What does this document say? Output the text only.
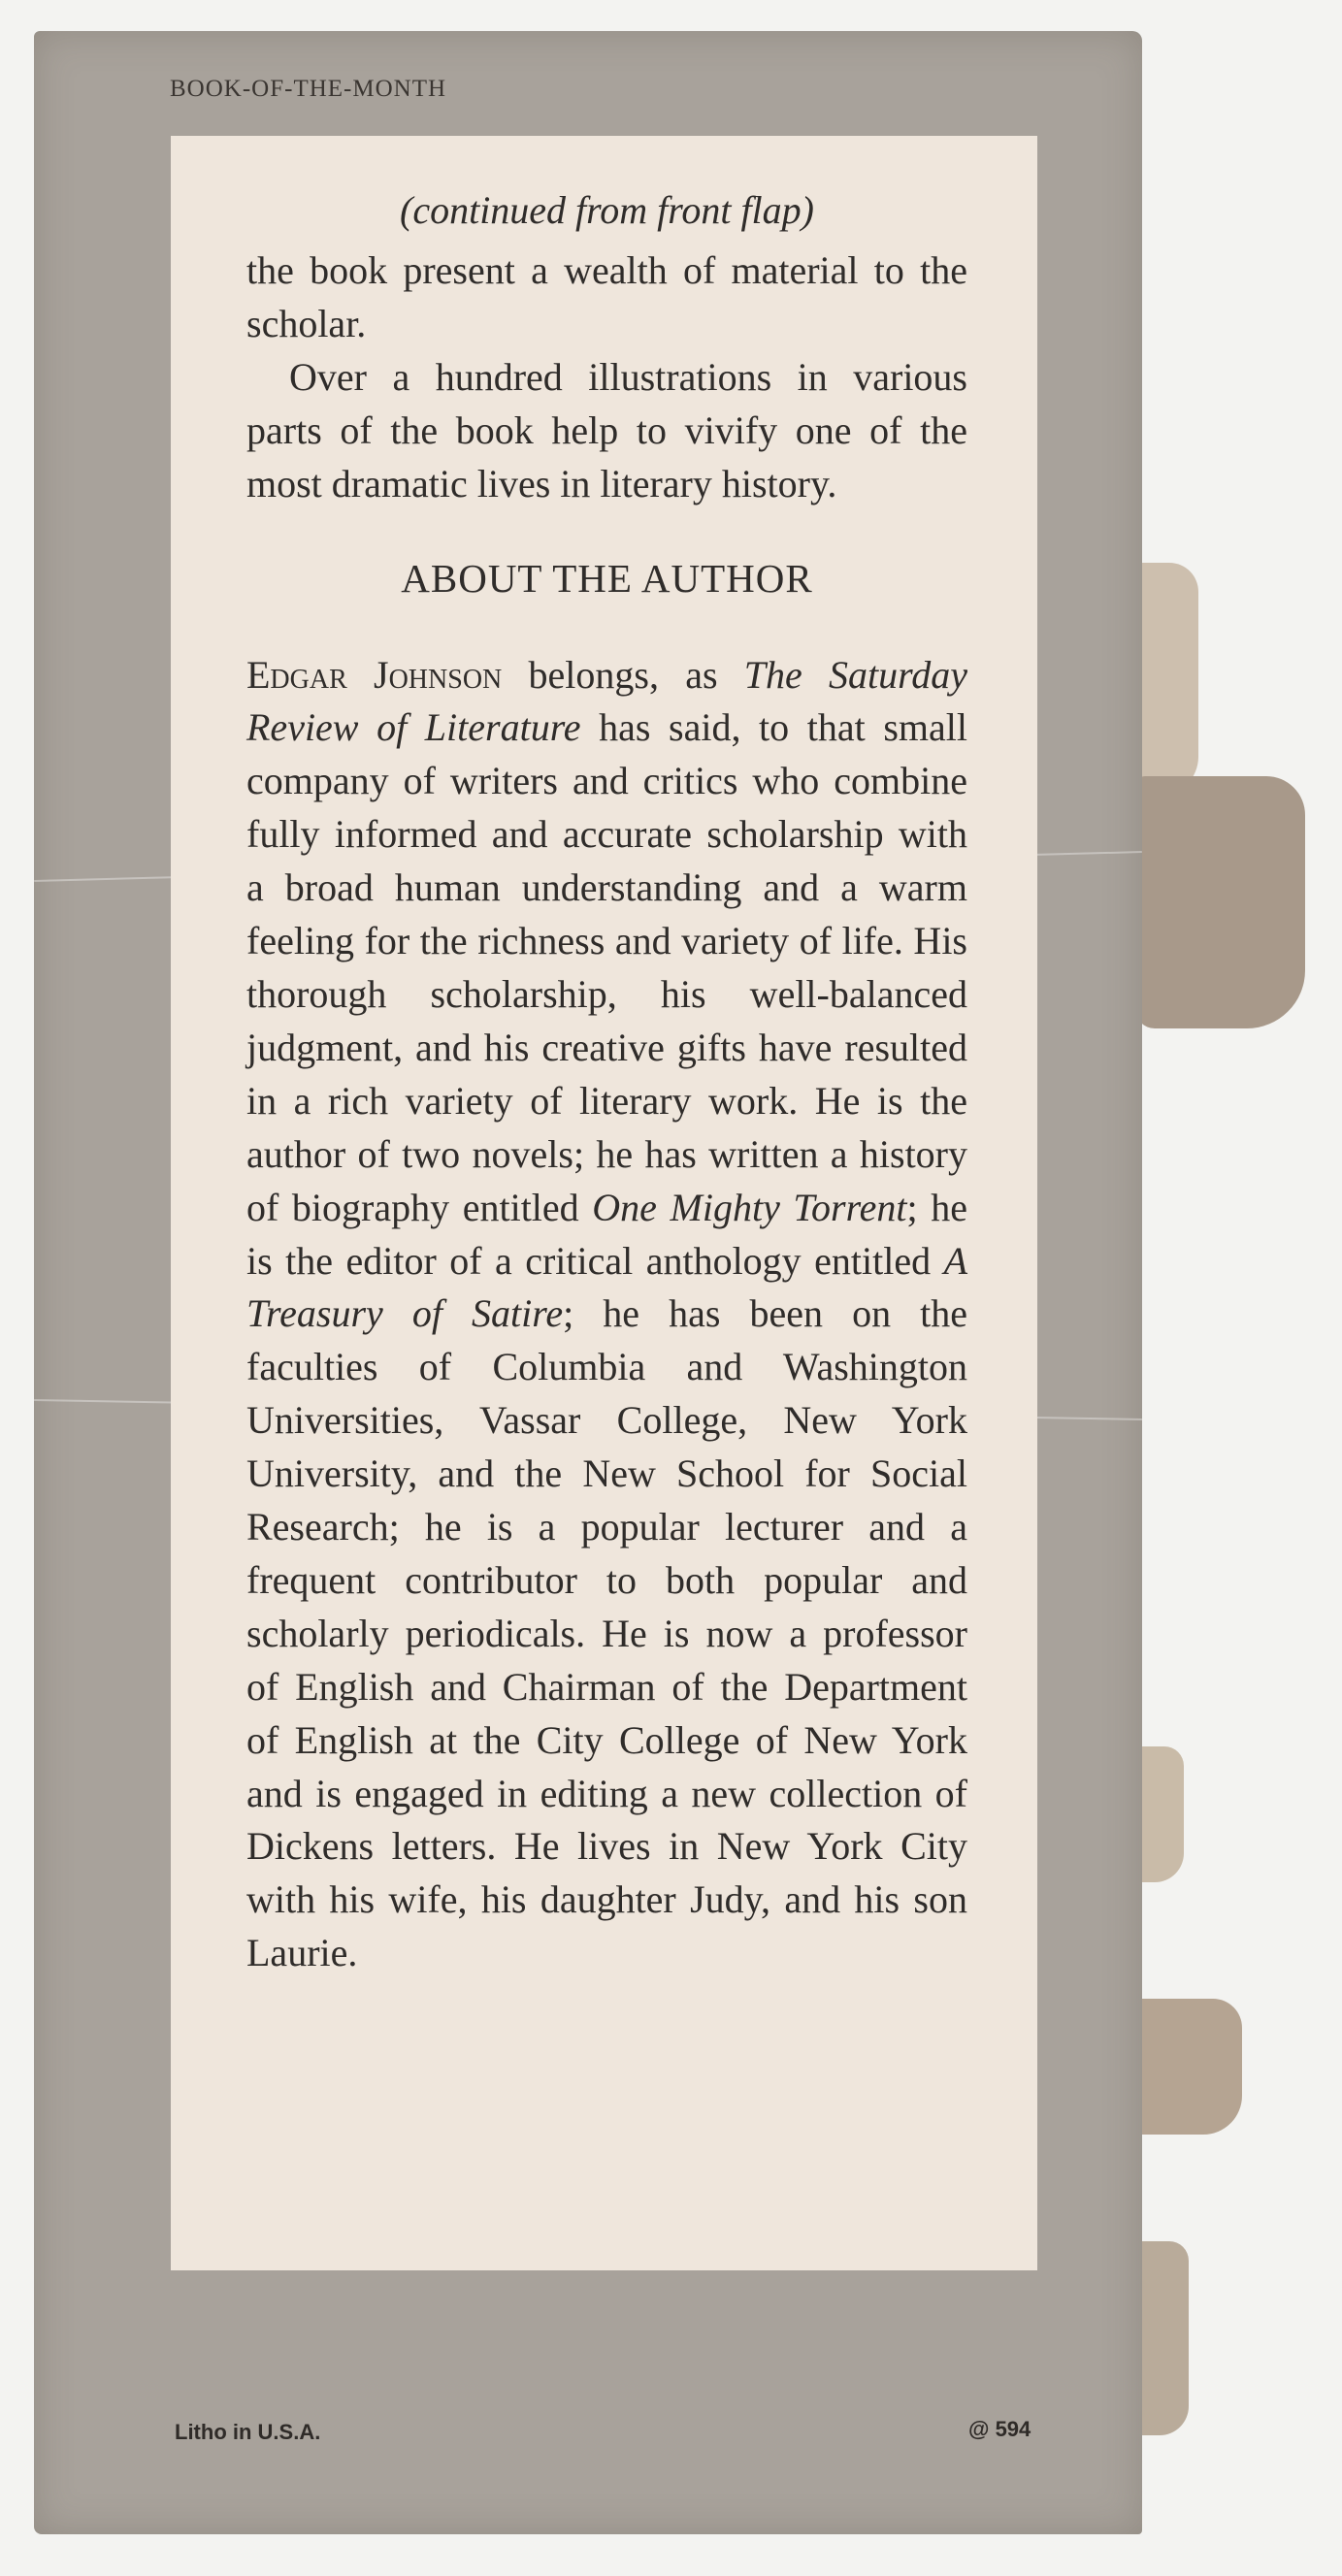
BOOK-OF-THE-MONTH

(continued from front flap)

the book present a wealth of material to the scholar.

Over a hundred illustrations in various parts of the book help to vivify one of the most dramatic lives in literary history.

ABOUT THE AUTHOR

Edgar Johnson belongs, as The Saturday Review of Literature has said, to that small company of writers and critics who combine fully informed and accurate scholarship with a broad human understanding and a warm feeling for the richness and variety of life. His thorough scholarship, his well-balanced judgment, and his creative gifts have resulted in a rich variety of literary work. He is the author of two novels; he has written a history of biography entitled One Mighty Torrent; he is the editor of a critical anthology entitled A Treasury of Satire; he has been on the faculties of Columbia and Washington Universities, Vassar College, New York University, and the New School for Social Research; he is a popular lecturer and a frequent contributor to both popular and scholarly periodicals. He is now a professor of English and Chairman of the Department of English at the City College of New York and is engaged in editing a new collection of Dickens letters. He lives in New York City with his wife, his daughter Judy, and his son Laurie.

Litho in U.S.A.	@ 594
